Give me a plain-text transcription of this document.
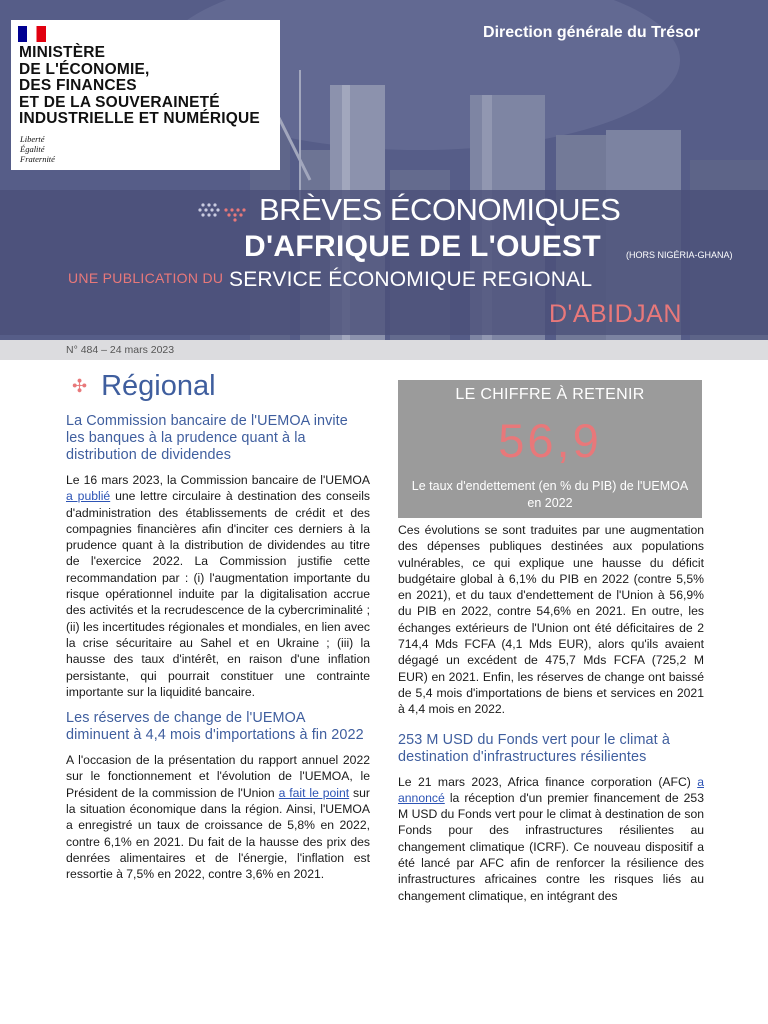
MINISTÈRE
DE L'ÉCONOMIE,
DES FINANCES
ET DE LA SOUVERAINETÉ
INDUSTRIELLE ET NUMÉRIQUE
Liberté
Égalité
Fraternité
Direction générale du Trésor
BRÈVES ÉCONOMIQUES
D'AFRIQUE DE L'OUEST	(HORS NIGÉRIA-GHANA)
UNE PUBLICATION DU SERVICE ÉCONOMIQUE REGIONAL
D'ABIDJAN
N° 484 – 24 mars 2023
✣ Régional
La Commission bancaire de l'UEMOA invite les banques à la prudence quant à la distribution de dividendes

Le 16 mars 2023, la Commission bancaire de l'UEMOA a publié une lettre circulaire à destination des conseils d'administration des établissements de crédit et des compagnies financières afin d'inciter ces derniers à la prudence quant à la distribution de dividendes au titre de l'exercice 2022. La Commission justifie cette recommandation par : (i) l'augmentation importante du risque opérationnel induite par la digitalisation accrue des activités et la recrudescence de la cybercriminalité ; (ii) les incertitudes régionales et mondiales, en lien avec la crise sécuritaire au Sahel et en Ukraine ; (iii) la hausse des taux d'intérêt, en raison d'une inflation persistante, qui pourrait constituer une contrainte importante sur la liquidité bancaire.

Les réserves de change de l'UEMOA diminuent à 4,4 mois d'importations à fin 2022

A l'occasion de la présentation du rapport annuel 2022 sur le fonctionnement et l'évolution de l'UEMOA, le Président de la commission de l'Union a fait le point sur la situation économique dans la région. Ainsi, l'UEMOA a enregistré un taux de croissance de 5,8% en 2022, contre 6,1% en 2021. Du fait de la hausse des prix des denrées alimentaires et de l'énergie, l'inflation est ressortie à 7,5% en 2022, contre 3,6% en 2021.

LE CHIFFRE À RETENIR
56,9
Le taux d'endettement (en % du PIB) de l'UEMOA en 2022

Ces évolutions se sont traduites par une augmentation des dépenses publiques destinées aux populations vulnérables, ce qui explique une hausse du déficit budgétaire global à 6,1% du PIB en 2022 (contre 5,5% en 2021), et du taux d'endettement de l'Union à 56,9% du PIB en 2022, contre 54,6% en 2021. En outre, les échanges extérieurs de l'Union ont été déficitaires de 2 714,4 Mds FCFA (4,1 Mds EUR), alors qu'ils avaient dégagé un excédent de 475,7 Mds FCFA (725,2 M EUR) en 2021. Enfin, les réserves de change ont baissé de 5,4 mois d'importations de biens et services en 2021 à 4,4 mois en 2022.

253 M USD du Fonds vert pour le climat à destination d'infrastructures résilientes

Le 21 mars 2023, Africa finance corporation (AFC) a annoncé la réception d'un premier financement de 253 M USD du Fonds vert pour le climat à destination de son Fonds pour des infrastructures résilientes au changement climatique (ICRF). Ce nouveau dispositif a été lancé par AFC afin de renforcer la résilience des infrastructures africaines contre les risques liés au changement climatique, en intégrant des
